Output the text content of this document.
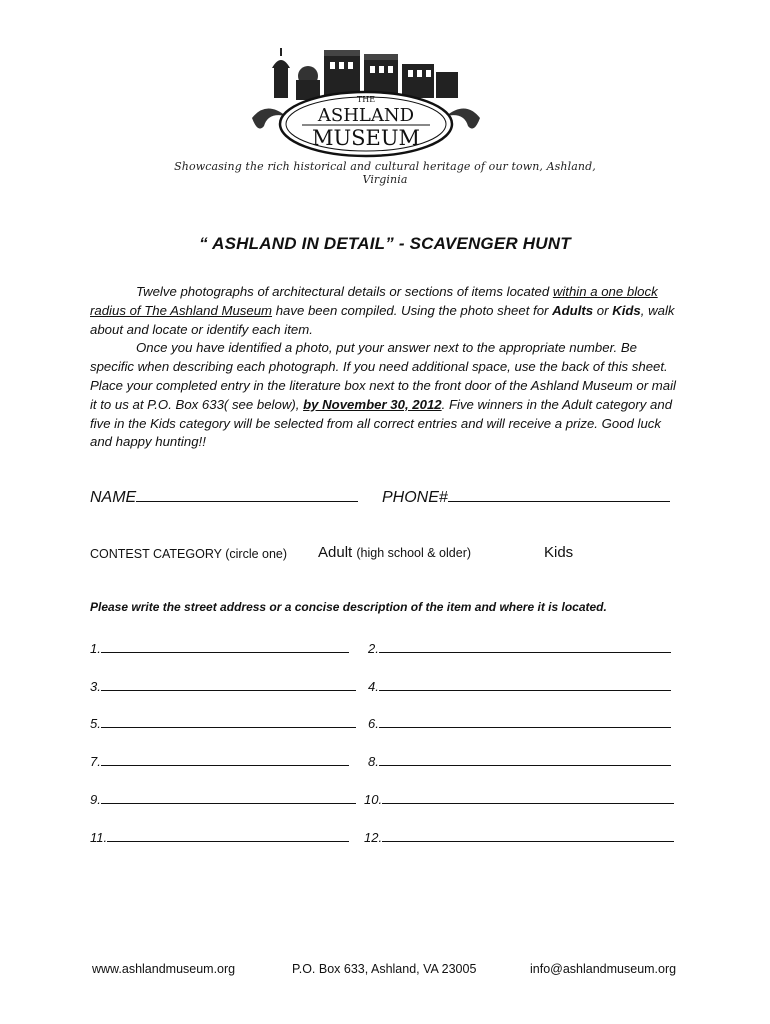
THE
ASHLAND
MUSEUM
Showcasing the rich historical and cultural heritage of our town, Ashland, Virginia
“ ASHLAND IN DETAIL” - SCAVENGER HUNT

Twelve photographs of architectural details or sections of items located within a one block radius of The Ashland Museum have been compiled. Using the photo sheet for Adults or Kids, walk about and locate or identify each item.

Once you have identified a photo, put your answer next to the appropriate number. Be specific when describing each photograph. If you need additional space, use the back of this sheet. Place your completed entry in the literature box next to the front door of the Ashland Museum or mail it to us at P.O. Box 633( see below), by November 30, 2012. Five winners in the Adult category and five in the Kids category will be selected from all correct entries and will receive a prize. Good luck and happy hunting!!

NAME	PHONE#
CONTEST CATEGORY (circle one) Adult (high school & older)	Kids
Please write the street address or a concise description of the item and where it is located.
1.	2.
3.	4.
5.	6.
7.	8.
9.	10.
11.	12.
www.ashlandmuseum.org	P.O. Box 633, Ashland, VA 23005	info@ashlandmuseum.org
